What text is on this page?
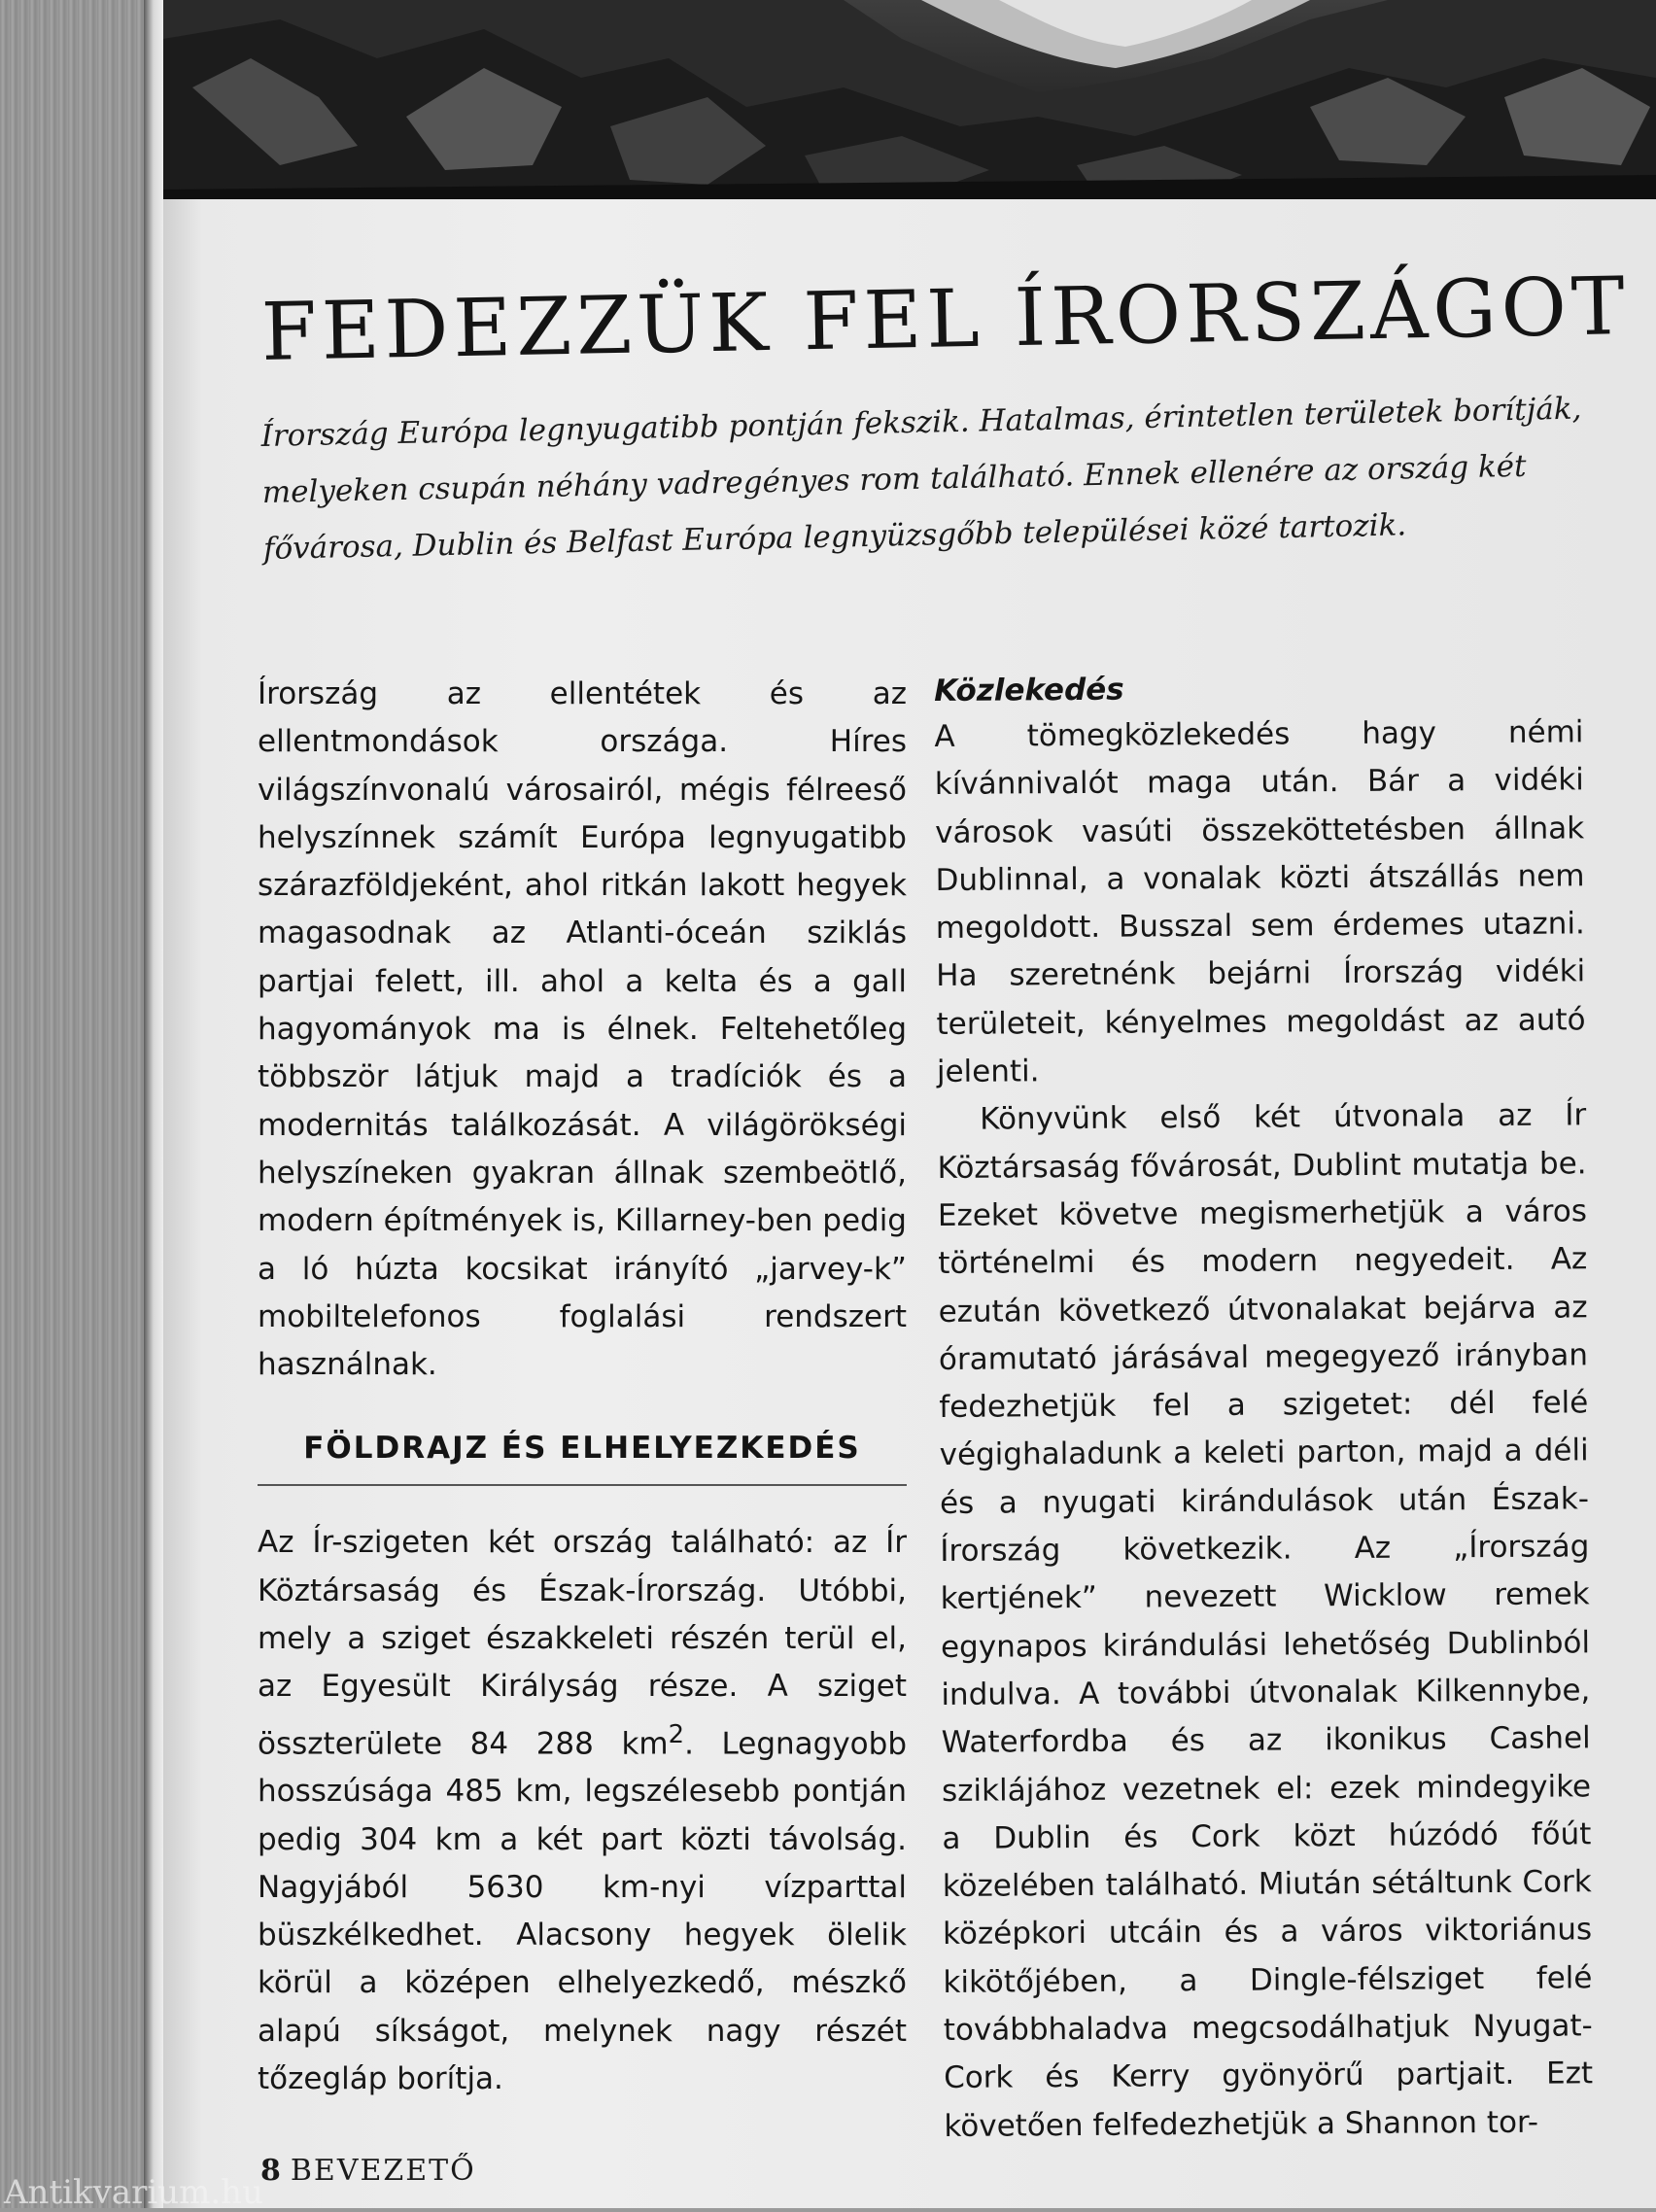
FEDEZZÜK FEL ÍRORSZÁGOT

Írország Európa legnyugatibb pontján fekszik. Hatalmas, érintetlen területek borítják, melyeken csupán néhány vadregényes rom található. Ennek ellenére az ország két fővárosa, Dublin és Belfast Európa legnyüzsgőbb települései közé tartozik.

Írország az ellentétek és az ellentmondások országa. Híres világszínvonalú városairól, mégis félreeső helyszínnek számít Európa legnyugatibb szárazföldjeként, ahol ritkán lakott hegyek magasodnak az Atlanti-óceán sziklás partjai felett, ill. ahol a kelta és a gall hagyományok ma is élnek. Feltehetőleg többször látjuk majd a tradíciók és a modernitás találkozását. A világörökségi helyszíneken gyakran állnak szembeötlő, modern építmények is, Killarney-ben pedig a ló húzta kocsikat irányító „jarvey-k” mobiltelefonos foglalási rendszert használnak.

FÖLDRAJZ ÉS ELHELYEZKEDÉS

Az Ír-szigeten két ország található: az Ír Köztársaság és Észak-Írország. Utóbbi, mely a sziget északkeleti részén terül el, az Egyesült Királyság része. A sziget összterülete 84 288 $km^2$. Legnagyobb hosszúsága 485 km, legszélesebb pontján pedig 304 km a két part közti távolság. Nagyjából 5630 km-nyi vízparttal büszkélkedhet. Alacsony hegyek ölelik körül a középen elhelyezkedő, mészkő alapú síkságot, melynek nagy részét tőzegláp borítja.

Közlekedés

A tömegközlekedés hagy némi kívánnivalót maga után. Bár a vidéki városok vasúti összeköttetésben állnak Dublinnal, a vonalak közti átszállás nem megoldott. Busszal sem érdemes utazni. Ha szeretnénk bejárni Írország vidéki területeit, kényelmes megoldást az autó jelenti.

Könyvünk első két útvonala az Ír Köztársaság fővárosát, Dublint mutatja be. Ezeket követve megismerhetjük a város történelmi és modern negyedeit. Az ezután következő útvonalakat bejárva az óramutató járásával megegyező irányban fedezhetjük fel a szigetet: dél felé végighaladunk a keleti parton, majd a déli és a nyugati kirándulások után Észak-Írország következik. Az „Írország kertjének” nevezett Wicklow remek egynapos kirándulási lehetőség Dublinból indulva. A további útvonalak Kilkennybe, Waterfordba és az ikonikus Cashel sziklájához vezetnek el: ezek mindegyike a Dublin és Cork közt húzódó főút közelében található. Miután sétáltunk Cork középkori utcáin és a város viktoriánus kikötőjében, a Dingle-félsziget felé továbbhaladva megcsodálhatjuk Nyugat-Cork és Kerry gyönyörű partjait. Ezt követően felfedezhetjük a Shannon tor-

8 BEVEZETŐ
Antikvarium.hu
